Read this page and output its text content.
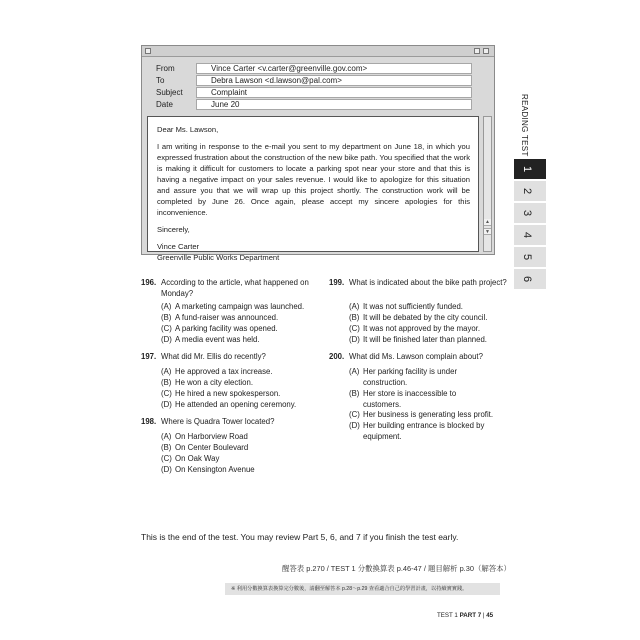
From	Vince Carter <v.carter@greenville.gov.com>
To	Debra Lawson <d.lawson@pal.com>
Subject	Complaint
Date	June 20

Dear Ms. Lawson,

I am writing in response to the e-mail you sent to my department on June 18, in which you expressed frustration about the construction of the new bike path. You specified that the work is making it difficult for customers to locate a parking spot near your store and that this is having a negative impact on your sales revenue. I would like to apologize for this situation and assure you that we will wrap up this project shortly. The construction work will be completed by June 26. Once again, please accept my sincere apologies for this inconvenience.

Sincerely,

Vince Carter

Greenville Public Works Department

▲
▼
READING TEST
1
2
3
4
5
6
196. According to the article, what happened on Monday?
(A) A marketing campaign was launched.
(B) A fund-raiser was announced.
(C) A parking facility was opened.
(D) A media event was held.
197. What did Mr. Ellis do recently?
(A) He approved a tax increase.
(B) He won a city election.
(C) He hired a new spokesperson.
(D) He attended an opening ceremony.
198. Where is Quadra Tower located?
(A) On Harborview Road
(B) On Center Boulevard
(C) On Oak Way
(D) On Kensington Avenue
199. What is indicated about the bike path project?
(A) It was not sufficiently funded.
(B) It will be debated by the city council.
(C) It was not approved by the mayor.
(D) It will be finished later than planned.
200. What did Ms. Lawson complain about?
(A) Her parking facility is under construction.
(B) Her store is inaccessible to customers.
(C) Her business is generating less profit.
(D) Her building entrance is blocked by equipment.
This is the end of the test. You may review Part 5, 6, and 7 if you finish the test early.
醒答表 p.270 / TEST 1 分數換算表 p.46-47 / 題目解析 p.30（解答本）
※ 利用分數換算表換算完分數後，請翻至解答本 p.28～p.29 查看適合自己的學習計畫，以持續實實踐。
TEST 1 PART 7 | 45
